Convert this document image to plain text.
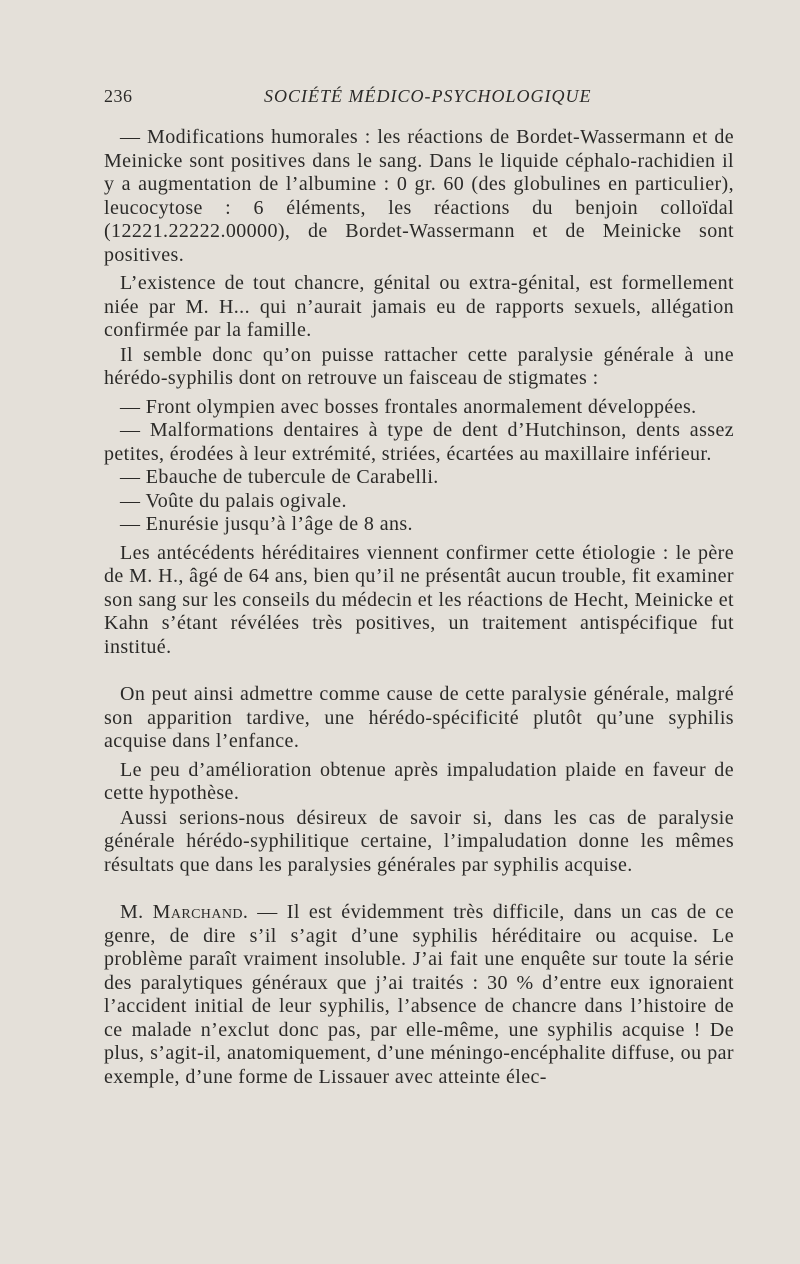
236	SOCIÉTÉ MÉDICO-PSYCHOLOGIQUE

— Modifications humorales : les réactions de Bordet-Wassermann et de Meinicke sont positives dans le sang. Dans le liquide céphalo-rachidien il y a augmentation de l’albumine : 0 gr. 60 (des globulines en particulier), leucocytose : 6 éléments, les réactions du benjoin colloïdal (12221.22222.00000), de Bordet-Wassermann et de Meinicke sont positives.

L’existence de tout chancre, génital ou extra-génital, est formellement niée par M. H... qui n’aurait jamais eu de rapports sexuels, allégation confirmée par la famille.

Il semble donc qu’on puisse rattacher cette paralysie générale à une hérédo-syphilis dont on retrouve un faisceau de stigmates :

— Front olympien avec bosses frontales anormalement développées.

— Malformations dentaires à type de dent d’Hutchinson, dents assez petites, érodées à leur extrémité, striées, écartées au maxillaire inférieur.

— Ebauche de tubercule de Carabelli.

— Voûte du palais ogivale.

— Enurésie jusqu’à l’âge de 8 ans.

Les antécédents héréditaires viennent confirmer cette étiologie : le père de M. H., âgé de 64 ans, bien qu’il ne présentât aucun trouble, fit examiner son sang sur les conseils du médecin et les réactions de Hecht, Meinicke et Kahn s’étant révélées très positives, un traitement antispécifique fut institué.

On peut ainsi admettre comme cause de cette paralysie générale, malgré son apparition tardive, une hérédo-spécificité plutôt qu’une syphilis acquise dans l’enfance.

Le peu d’amélioration obtenue après impaludation plaide en faveur de cette hypothèse.

Aussi serions-nous désireux de savoir si, dans les cas de paralysie générale hérédo-syphilitique certaine, l’impaludation donne les mêmes résultats que dans les paralysies générales par syphilis acquise.

M. Marchand. — Il est évidemment très difficile, dans un cas de ce genre, de dire s’il s’agit d’une syphilis héréditaire ou acquise. Le problème paraît vraiment insoluble. J’ai fait une enquête sur toute la série des paralytiques généraux que j’ai traités : 30 % d’entre eux ignoraient l’accident initial de leur syphilis, l’absence de chancre dans l’histoire de ce malade n’exclut donc pas, par elle-même, une syphilis acquise ! De plus, s’agit-il, anatomiquement, d’une méningo-encéphalite diffuse, ou par exemple, d’une forme de Lissauer avec atteinte élec-
